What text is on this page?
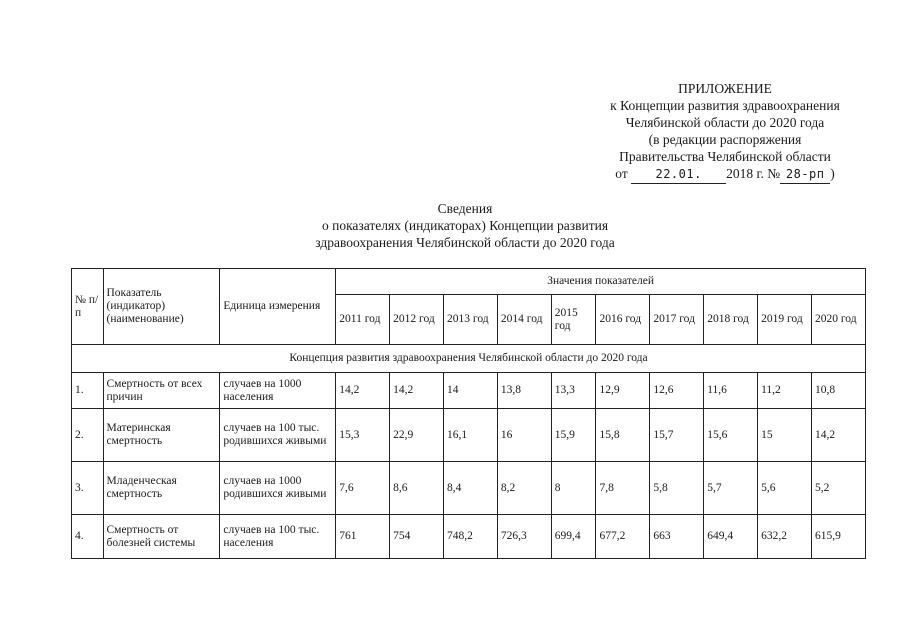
ПРИЛОЖЕНИЕ
к Концепции развития здравоохранения
Челябинской области до 2020 года
(в редакции распоряжения
Правительства Челябинской области
от 22.01. 2018 г. № 28-рп )
Сведения
о показателях (индикаторах) Концепции развития
здравоохранения Челябинской области до 2020 года
№ п/п	Показатель (индикатор) (наименование)	Единица измерения	Значения показателей									
			2011 год	2012 год	2013 год	2014 год	2015 год	2016 год	2017 год	2018 год	2019 год	2020 год
Концепция развития здравоохранения Челябинской области до 2020 года												
1.	Смертность от всех причин	случаев на 1000 населения	14,2	14,2	14	13,8	13,3	12,9	12,6	11,6	11,2	10,8
2.	Материнская смертность	случаев на 100 тыс. родившихся живыми	15,3	22,9	16,1	16	15,9	15,8	15,7	15,6	15	14,2
3.	Младенческая смертность	случаев на 1000 родившихся живыми	7,6	8,6	8,4	8,2	8	7,8	5,8	5,7	5,6	5,2
4.	Смертность от болезней системы	случаев на 100 тыс. населения	761	754	748,2	726,3	699,4	677,2	663	649,4	632,2	615,9
